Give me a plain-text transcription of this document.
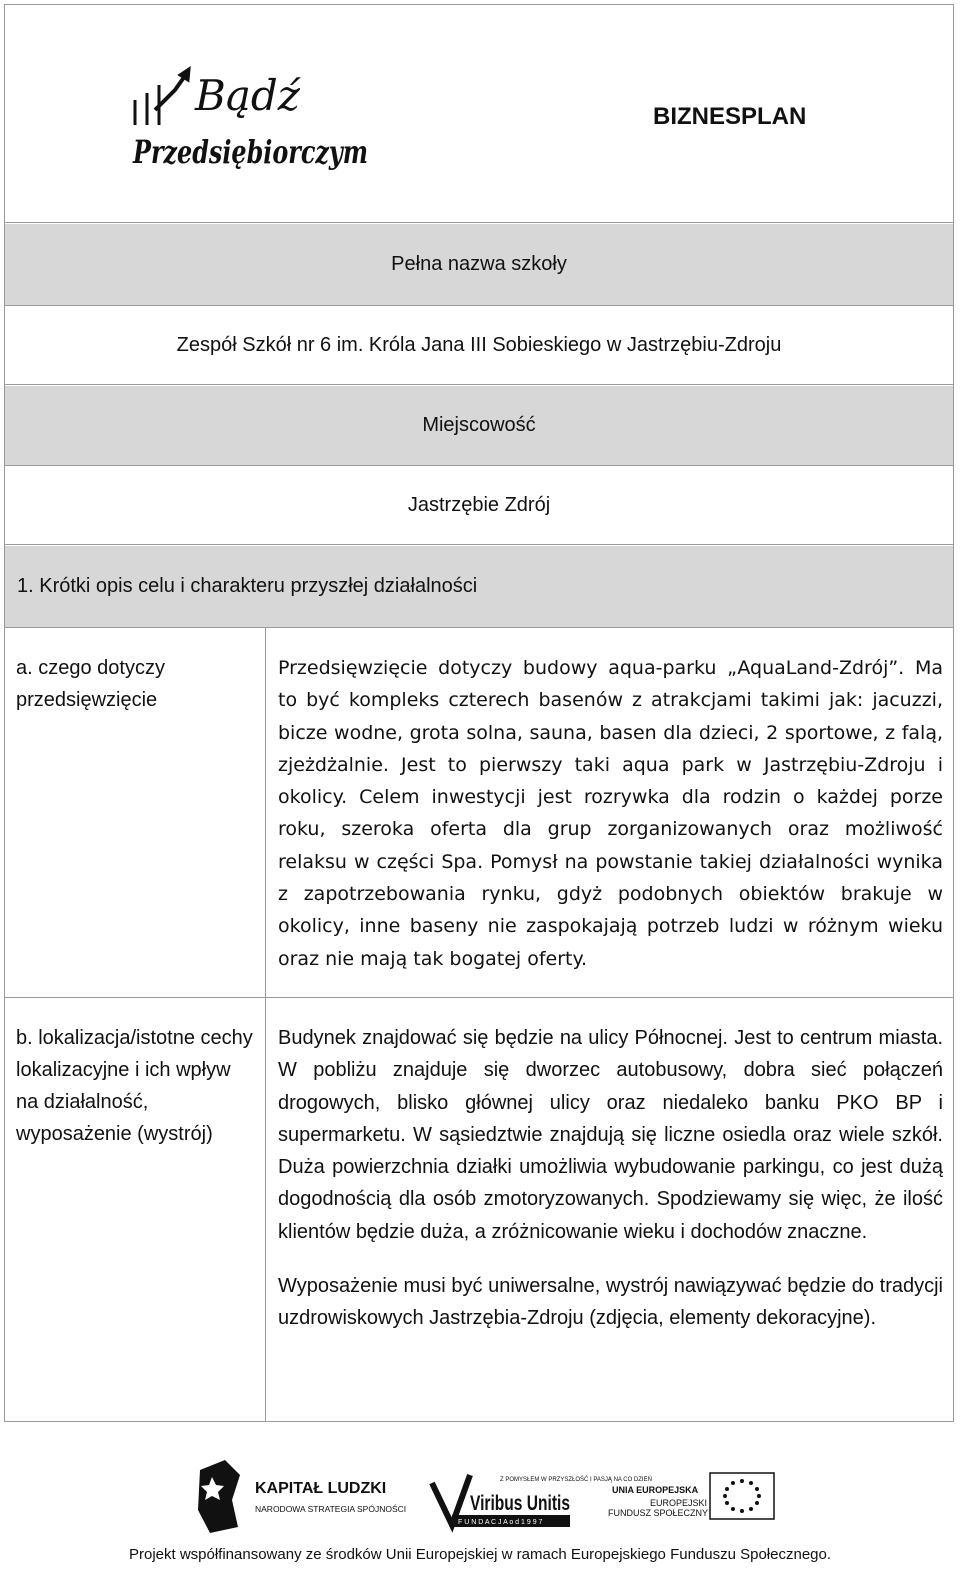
Bądź
Przedsiębiorczym
BIZNESPLAN
Pełna nazwa szkoły
Zespół Szkół nr 6 im. Króla Jana III Sobieskiego w Jastrzębiu-Zdroju
Miejscowość
Jastrzębie Zdrój
1. Krótki opis celu i charakteru przyszłej działalności
a. czego dotyczy przedsięwzięcie

Przedsięwzięcie dotyczy budowy aqua-parku „AquaLand-Zdrój”. Ma to być kompleks czterech basenów z atrakcjami takimi jak: jacuzzi, bicze wodne, grota solna, sauna, basen dla dzieci, 2 sportowe, z falą, zjeżdżalnie. Jest to pierwszy taki aqua park w Jastrzębiu-Zdroju i okolicy. Celem inwestycji jest rozrywka dla rodzin o każdej porze roku, szeroka oferta dla grup zorganizowanych oraz możliwość relaksu w części Spa. Pomysł na powstanie takiej działalności wynika z zapotrzebowania rynku, gdyż podobnych obiektów brakuje w okolicy, inne baseny nie zaspokajają potrzeb ludzi w różnym wieku oraz nie mają tak bogatej oferty.

b. lokalizacja/istotne cechy lokalizacyjne i ich wpływ na działalność, wyposażenie (wystrój)

Budynek znajdować się będzie na ulicy Północnej. Jest to centrum miasta. W pobliżu znajduje się dworzec autobusowy, dobra sieć połączeń drogowych, blisko głównej ulicy oraz niedaleko banku PKO BP i supermarketu. W sąsiedztwie znajdują się liczne osiedla oraz wiele szkół. Duża powierzchnia działki umożliwia wybudowanie parkingu, co jest dużą dogodnością dla osób zmotoryzowanych. Spodziewamy się więc, że ilość klientów będzie duża, a zróżnicowanie wieku i dochodów znaczne.

Wyposażenie musi być uniwersalne, wystrój nawiązywać będzie do tradycji uzdrowiskowych Jastrzębia-Zdroju (zdjęcia, elementy dekoracyjne).

KAPITAŁ LUDZKI
NARODOWA STRATEGIA SPÓJNOŚCI
Z POMYSŁEM W PRZYSZŁOŚĆ I PASJĄ NA CO DZIEŃ
Viribus Unitis
F U N D A C J A o d 1 9 9 7
UNIA EUROPEJSKA
EUROPEJSKI
FUNDUSZ SPOŁECZNY
Projekt współfinansowany ze środków Unii Europejskiej w ramach Europejskiego Funduszu Społecznego.
